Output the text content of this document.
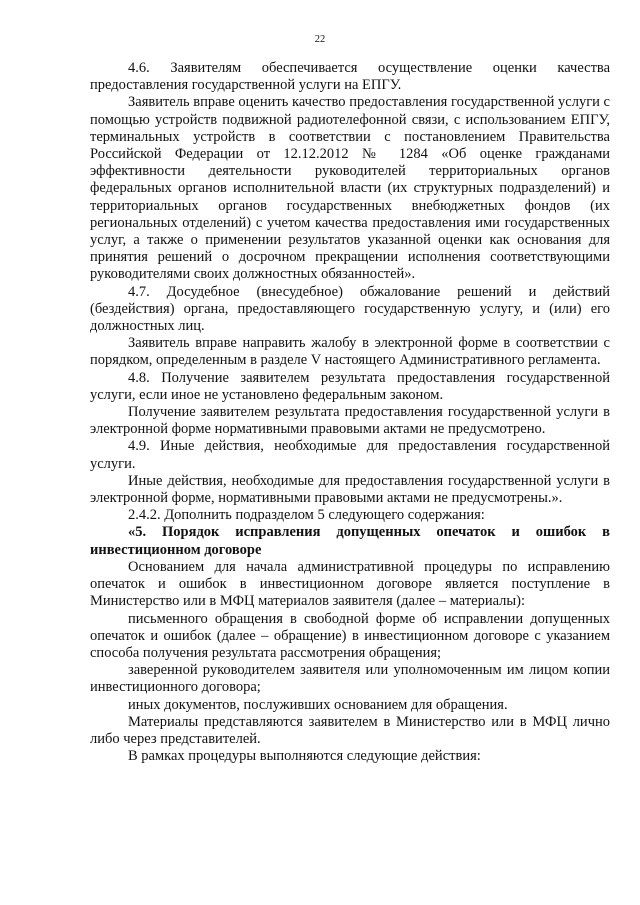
22

4.6. Заявителям обеспечивается осуществление оценки качества предоставления государственной услуги на ЕПГУ.

Заявитель вправе оценить качество предоставления государственной услуги с помощью устройств подвижной радиотелефонной связи, с использованием ЕПГУ, терминальных устройств в соответствии с постановлением Правительства Российской Федерации от 12.12.2012 № 1284 «Об оценке гражданами эффективности деятельности руководителей территориальных органов федеральных органов исполнительной власти (их структурных подразделений) и территориальных органов государственных внебюджетных фондов (их региональных отделений) с учетом качества предоставления ими государственных услуг, а также о применении результатов указанной оценки как основания для принятия решений о досрочном прекращении исполнения соответствующими руководителями своих должностных обязанностей».

4.7. Досудебное (внесудебное) обжалование решений и действий (бездействия) органа, предоставляющего государственную услугу, и (или) его должностных лиц.

Заявитель вправе направить жалобу в электронной форме в соответствии с порядком, определенным в разделе V настоящего Административного регламента.

4.8. Получение заявителем результата предоставления государственной услуги, если иное не установлено федеральным законом.

Получение заявителем результата предоставления государственной услуги в электронной форме нормативными правовыми актами не предусмотрено.

4.9. Иные действия, необходимые для предоставления государственной услуги.

Иные действия, необходимые для предоставления государственной услуги в электронной форме, нормативными правовыми актами не предусмотрены.».

2.4.2. Дополнить подразделом 5 следующего содержания:

«5. Порядок исправления допущенных опечаток и ошибок в инвестиционном договоре

Основанием для начала административной процедуры по исправлению опечаток и ошибок в инвестиционном договоре является поступление в Министерство или в МФЦ материалов заявителя (далее – материалы):

письменного обращения в свободной форме об исправлении допущенных опечаток и ошибок (далее – обращение) в инвестиционном договоре с указанием способа получения результата рассмотрения обращения;

заверенной руководителем заявителя или уполномоченным им лицом копии инвестиционного договора;

иных документов, послуживших основанием для обращения.

Материалы представляются заявителем в Министерство или в МФЦ лично либо через представителей.

В рамках процедуры выполняются следующие действия:
